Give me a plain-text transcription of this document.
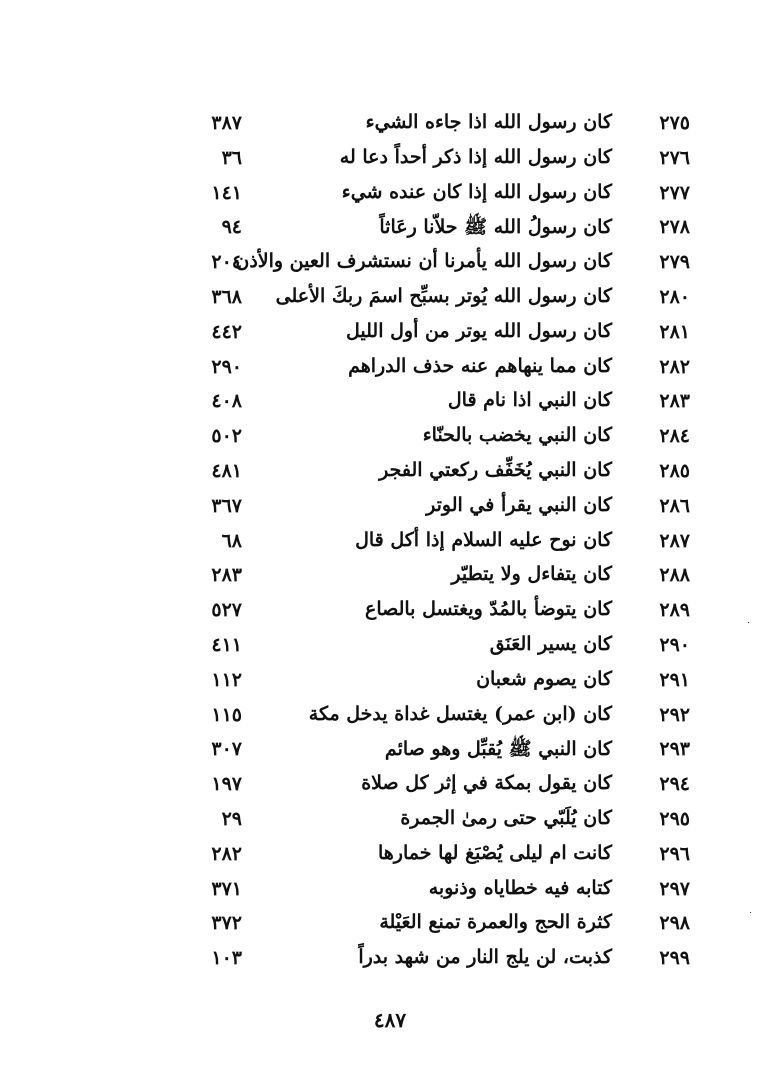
٢٧٥
كان رسول الله اذا جاءه الشيء
٣٨٧
٢٧٦
كان رسول الله إذا ذكر أحداً دعا له
٣٦
٢٧٧
كان رسول الله إذا كان عنده شيء
١٤١
٢٧٨
كان رسولُ الله ﷺ حلاّنا رعَاثاً
٩٤
٢٧٩
كان رسول الله يأمرنا أن نستشرف العين والأذن
٢٠٤
٢٨٠
كان رسول الله يُوتر بسبِّح اسمَ ربكَ الأعلى
٣٦٨
٢٨١
كان رسول الله يوتر من أول الليل
٤٤٢
٢٨٢
كان مما ينهاهم عنه حذف الدراهم
٢٩٠
٢٨٣
كان النبي اذا نام قال
٤٠٨
٢٨٤
كان النبي يخضب بالحنّاء
٥٠٢
٢٨٥
كان النبي يُخَفِّف ركعتي الفجر
٤٨١
٢٨٦
كان النبي يقرأ في الوتر
٣٦٧
٢٨٧
كان نوح عليه السلام إذا أكل قال
٦٨
٢٨٨
كان يتفاءل ولا يتطيّر
٢٨٣
٢٨٩
كان يتوضأ بالمُدّ ويغتسل بالصاع
٥٢٧
٢٩٠
كان يسير العَنَق
٤١١
٢٩١
كان يصوم شعبان
١١٢
٢٩٢
كان (ابن عمر) يغتسل غداة يدخل مكة
١١٥
٢٩٣
كان النبي ﷺ يُقبِّل وهو صائم
٣٠٧
٢٩٤
كان يقول بمكة في إثر كل صلاة
١٩٧
٢٩٥
كان يُلَبّي حتى رمىٰ الجمرة
٢٩
٢٩٦
كانت ام ليلى يُصْبَغ لها خمارها
٢٨٢
٢٩٧
كتابه فيه خطاياه وذنوبه
٣٧١
٢٩٨
كثرة الحج والعمرة تمنع العَيْلة
٣٧٢
٢٩٩
كذبت، لن يلج النار من شهد بدراً
١٠٣
٤٨٧
